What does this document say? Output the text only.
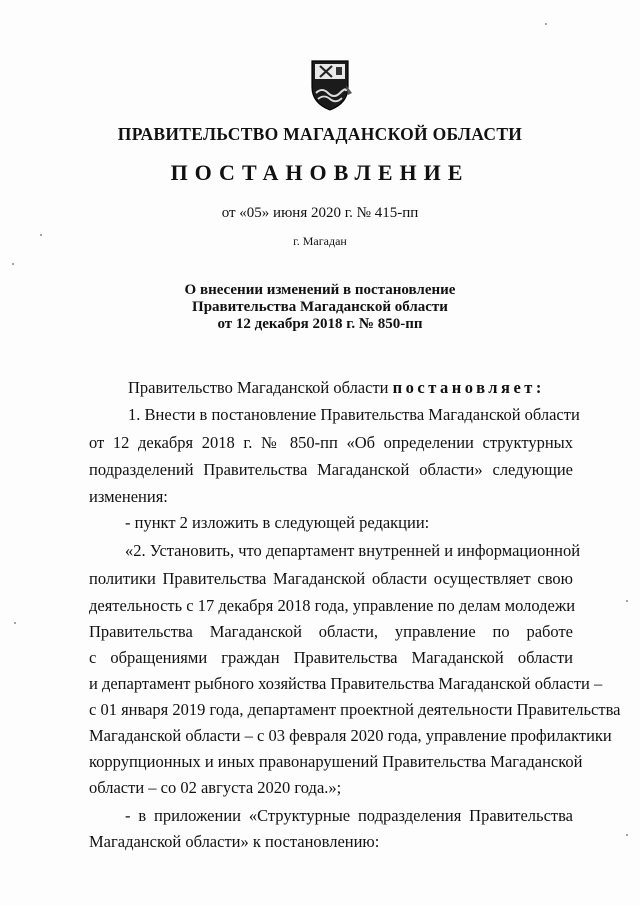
ПРАВИТЕЛЬСТВО МАГАДАНСКОЙ ОБЛАСТИ
ПОСТАНОВЛЕНИЕ
от «05» июня 2020 г. № 415-пп
г. Магадан
О внесении изменений в постановление
Правительства Магаданской области
от 12 декабря 2018 г. № 850-пп
Правительство Магаданской области постановляет:
1. Внести в постановление Правительства Магаданской области
от 12 декабря 2018 г. № 850-пп «Об определении структурных
подразделений Правительства Магаданской области» следующие
изменения:
- пункт 2 изложить в следующей редакции:
«2. Установить, что департамент внутренней и информационной
политики Правительства Магаданской области осуществляет свою
деятельность с 17 декабря 2018 года, управление по делам молодежи
Правительства Магаданской области, управление по работе
с обращениями граждан Правительства Магаданской области
и департамент рыбного хозяйства Правительства Магаданской области –
с 01 января 2019 года, департамент проектной деятельности Правительства
Магаданской области – с 03 февраля 2020 года, управление профилактики
коррупционных и иных правонарушений Правительства Магаданской
области – со 02 августа 2020 года.»;
- в приложении «Структурные подразделения Правительства
Магаданской области» к постановлению:
